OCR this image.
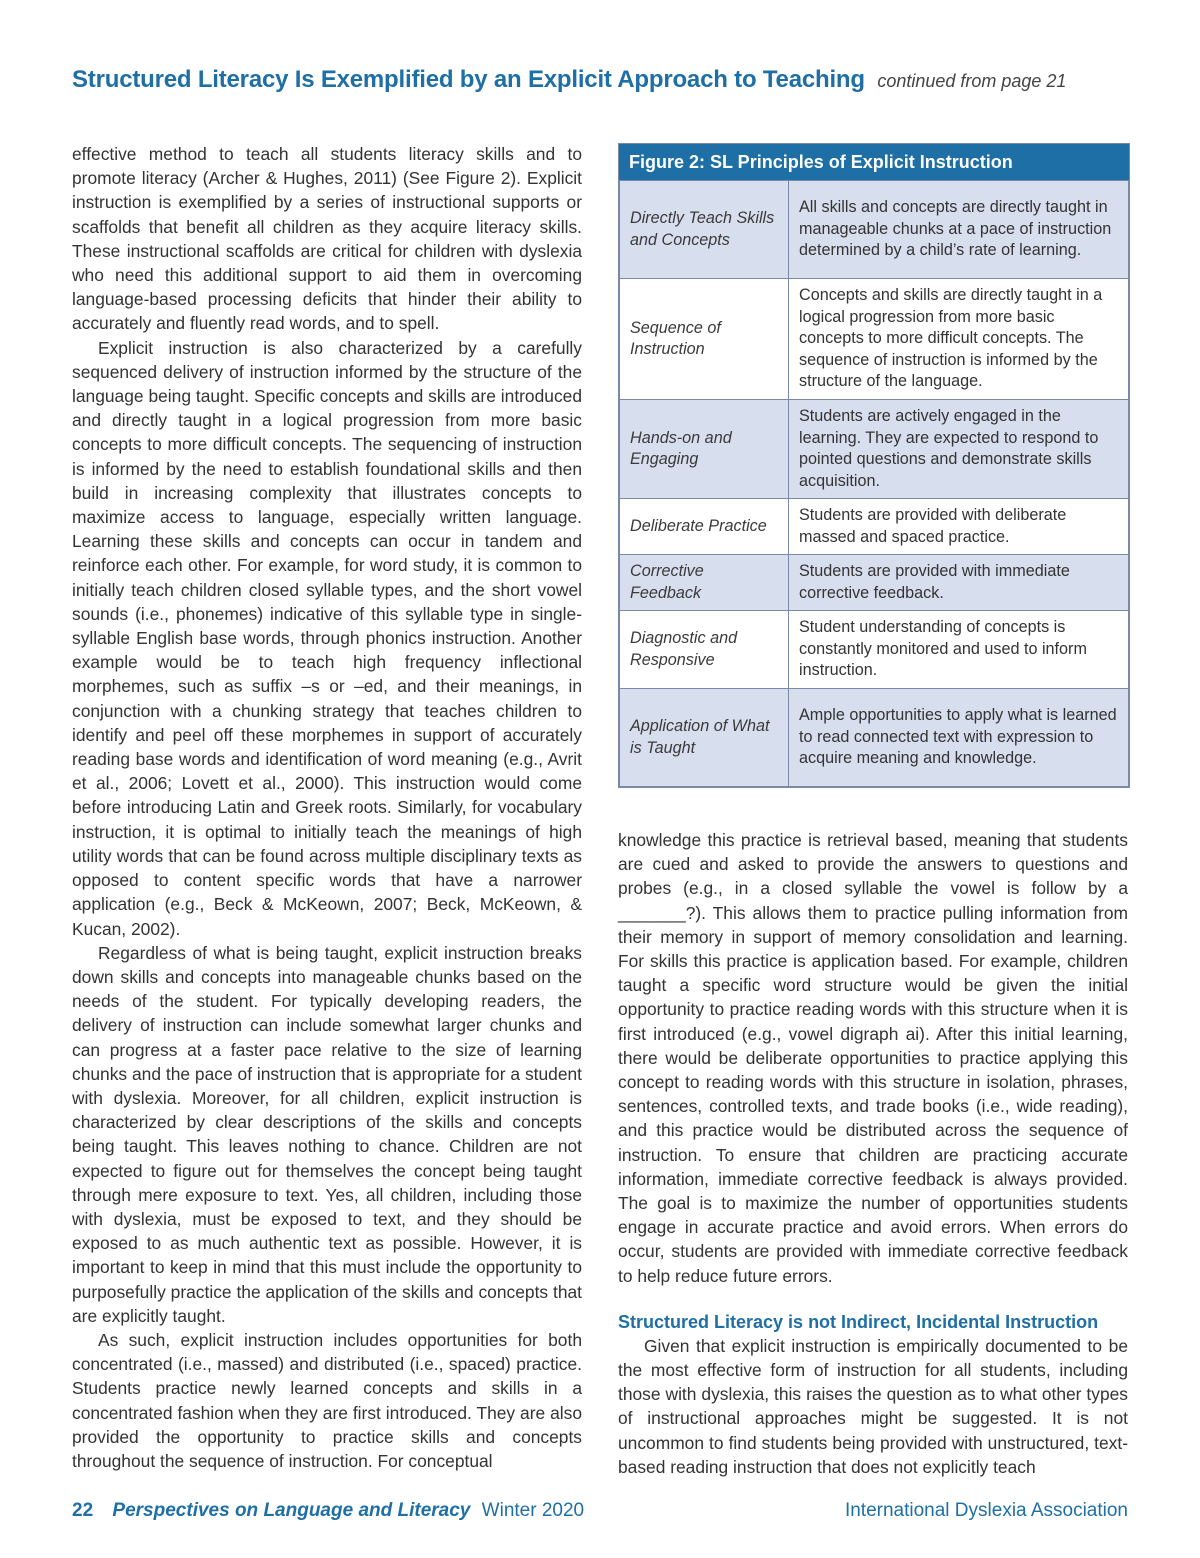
Structured Literacy Is Exemplified by an Explicit Approach to Teaching continued from page 21

effective method to teach all students literacy skills and to promote literacy (Archer & Hughes, 2011) (See Figure 2). Explicit instruction is exemplified by a series of instructional supports or scaffolds that benefit all children as they acquire literacy skills. These instructional scaffolds are critical for children with dyslexia who need this additional support to aid them in overcoming language-based processing deficits that hinder their ability to accurately and fluently read words, and to spell.

Explicit instruction is also characterized by a carefully sequenced delivery of instruction informed by the structure of the language being taught. Specific concepts and skills are introduced and directly taught in a logical progression from more basic concepts to more difficult concepts. The sequencing of instruction is informed by the need to establish foundational skills and then build in increasing complexity that illustrates concepts to maximize access to language, especially written language. Learning these skills and concepts can occur in tandem and reinforce each other. For example, for word study, it is common to initially teach children closed syllable types, and the short vowel sounds (i.e., phonemes) indicative of this syllable type in single-syllable English base words, through phonics instruction. Another example would be to teach high frequency inflectional morphemes, such as suffix –s or –ed, and their meanings, in conjunction with a chunking strategy that teaches children to identify and peel off these morphemes in support of accurately reading base words and identification of word meaning (e.g., Avrit et al., 2006; Lovett et al., 2000). This instruction would come before introducing Latin and Greek roots. Similarly, for vocabulary instruction, it is optimal to initially teach the meanings of high utility words that can be found across multiple disciplinary texts as opposed to content specific words that have a narrower application (e.g., Beck & McKeown, 2007; Beck, McKeown, & Kucan, 2002).

Regardless of what is being taught, explicit instruction breaks down skills and concepts into manageable chunks based on the needs of the student. For typically developing readers, the delivery of instruction can include somewhat larger chunks and can progress at a faster pace relative to the size of learning chunks and the pace of instruction that is appropriate for a student with dyslexia. Moreover, for all children, explicit instruction is characterized by clear descriptions of the skills and concepts being taught. This leaves nothing to chance. Children are not expected to figure out for themselves the concept being taught through mere exposure to text. Yes, all children, including those with dyslexia, must be exposed to text, and they should be exposed to as much authentic text as possible. However, it is important to keep in mind that this must include the opportunity to purposefully practice the application of the skills and concepts that are explicitly taught.

As such, explicit instruction includes opportunities for both concentrated (i.e., massed) and distributed (i.e., spaced) practice. Students practice newly learned concepts and skills in a concentrated fashion when they are first introduced. They are also provided the opportunity to practice skills and concepts throughout the sequence of instruction. For conceptual

Figure 2: SL Principles of Explicit Instruction
Directly Teach Skills and Concepts	All skills and concepts are directly taught in manageable chunks at a pace of instruction determined by a child’s rate of learning.
Sequence of Instruction	Concepts and skills are directly taught in a logical progression from more basic concepts to more difficult concepts. The sequence of instruction is informed by the structure of the language.
Hands-on and Engaging	Students are actively engaged in the learning. They are expected to respond to pointed questions and demonstrate skills acquisition.
Deliberate Practice	Students are provided with deliberate massed and spaced practice.
Corrective Feedback	Students are provided with immediate corrective feedback.
Diagnostic and Responsive	Student understanding of concepts is constantly monitored and used to inform instruction.
Application of What is Taught	Ample opportunities to apply what is learned to read connected text with expression to acquire meaning and knowledge.

knowledge this practice is retrieval based, meaning that students are cued and asked to provide the answers to questions and probes (e.g., in a closed syllable the vowel is follow by a _______?). This allows them to practice pulling information from their memory in support of memory consolidation and learning. For skills this practice is application based. For example, children taught a specific word structure would be given the initial opportunity to practice reading words with this structure when it is first introduced (e.g., vowel digraph ai). After this initial learning, there would be deliberate opportunities to practice applying this concept to reading words with this structure in isolation, phrases, sentences, controlled texts, and trade books (i.e., wide reading), and this practice would be distributed across the sequence of instruction. To ensure that children are practicing accurate information, immediate corrective feedback is always provided. The goal is to maximize the number of opportunities students engage in accurate practice and avoid errors. When errors do occur, students are provided with immediate corrective feedback to help reduce future errors.

Structured Literacy is not Indirect, Incidental Instruction

Given that explicit instruction is empirically documented to be the most effective form of instruction for all students, including those with dyslexia, this raises the question as to what other types of instructional approaches might be suggested. It is not uncommon to find students being provided with unstructured, text-based reading instruction that does not explicitly teach

22 Perspectives on Language and Literacy Winter 2020	International Dyslexia Association
